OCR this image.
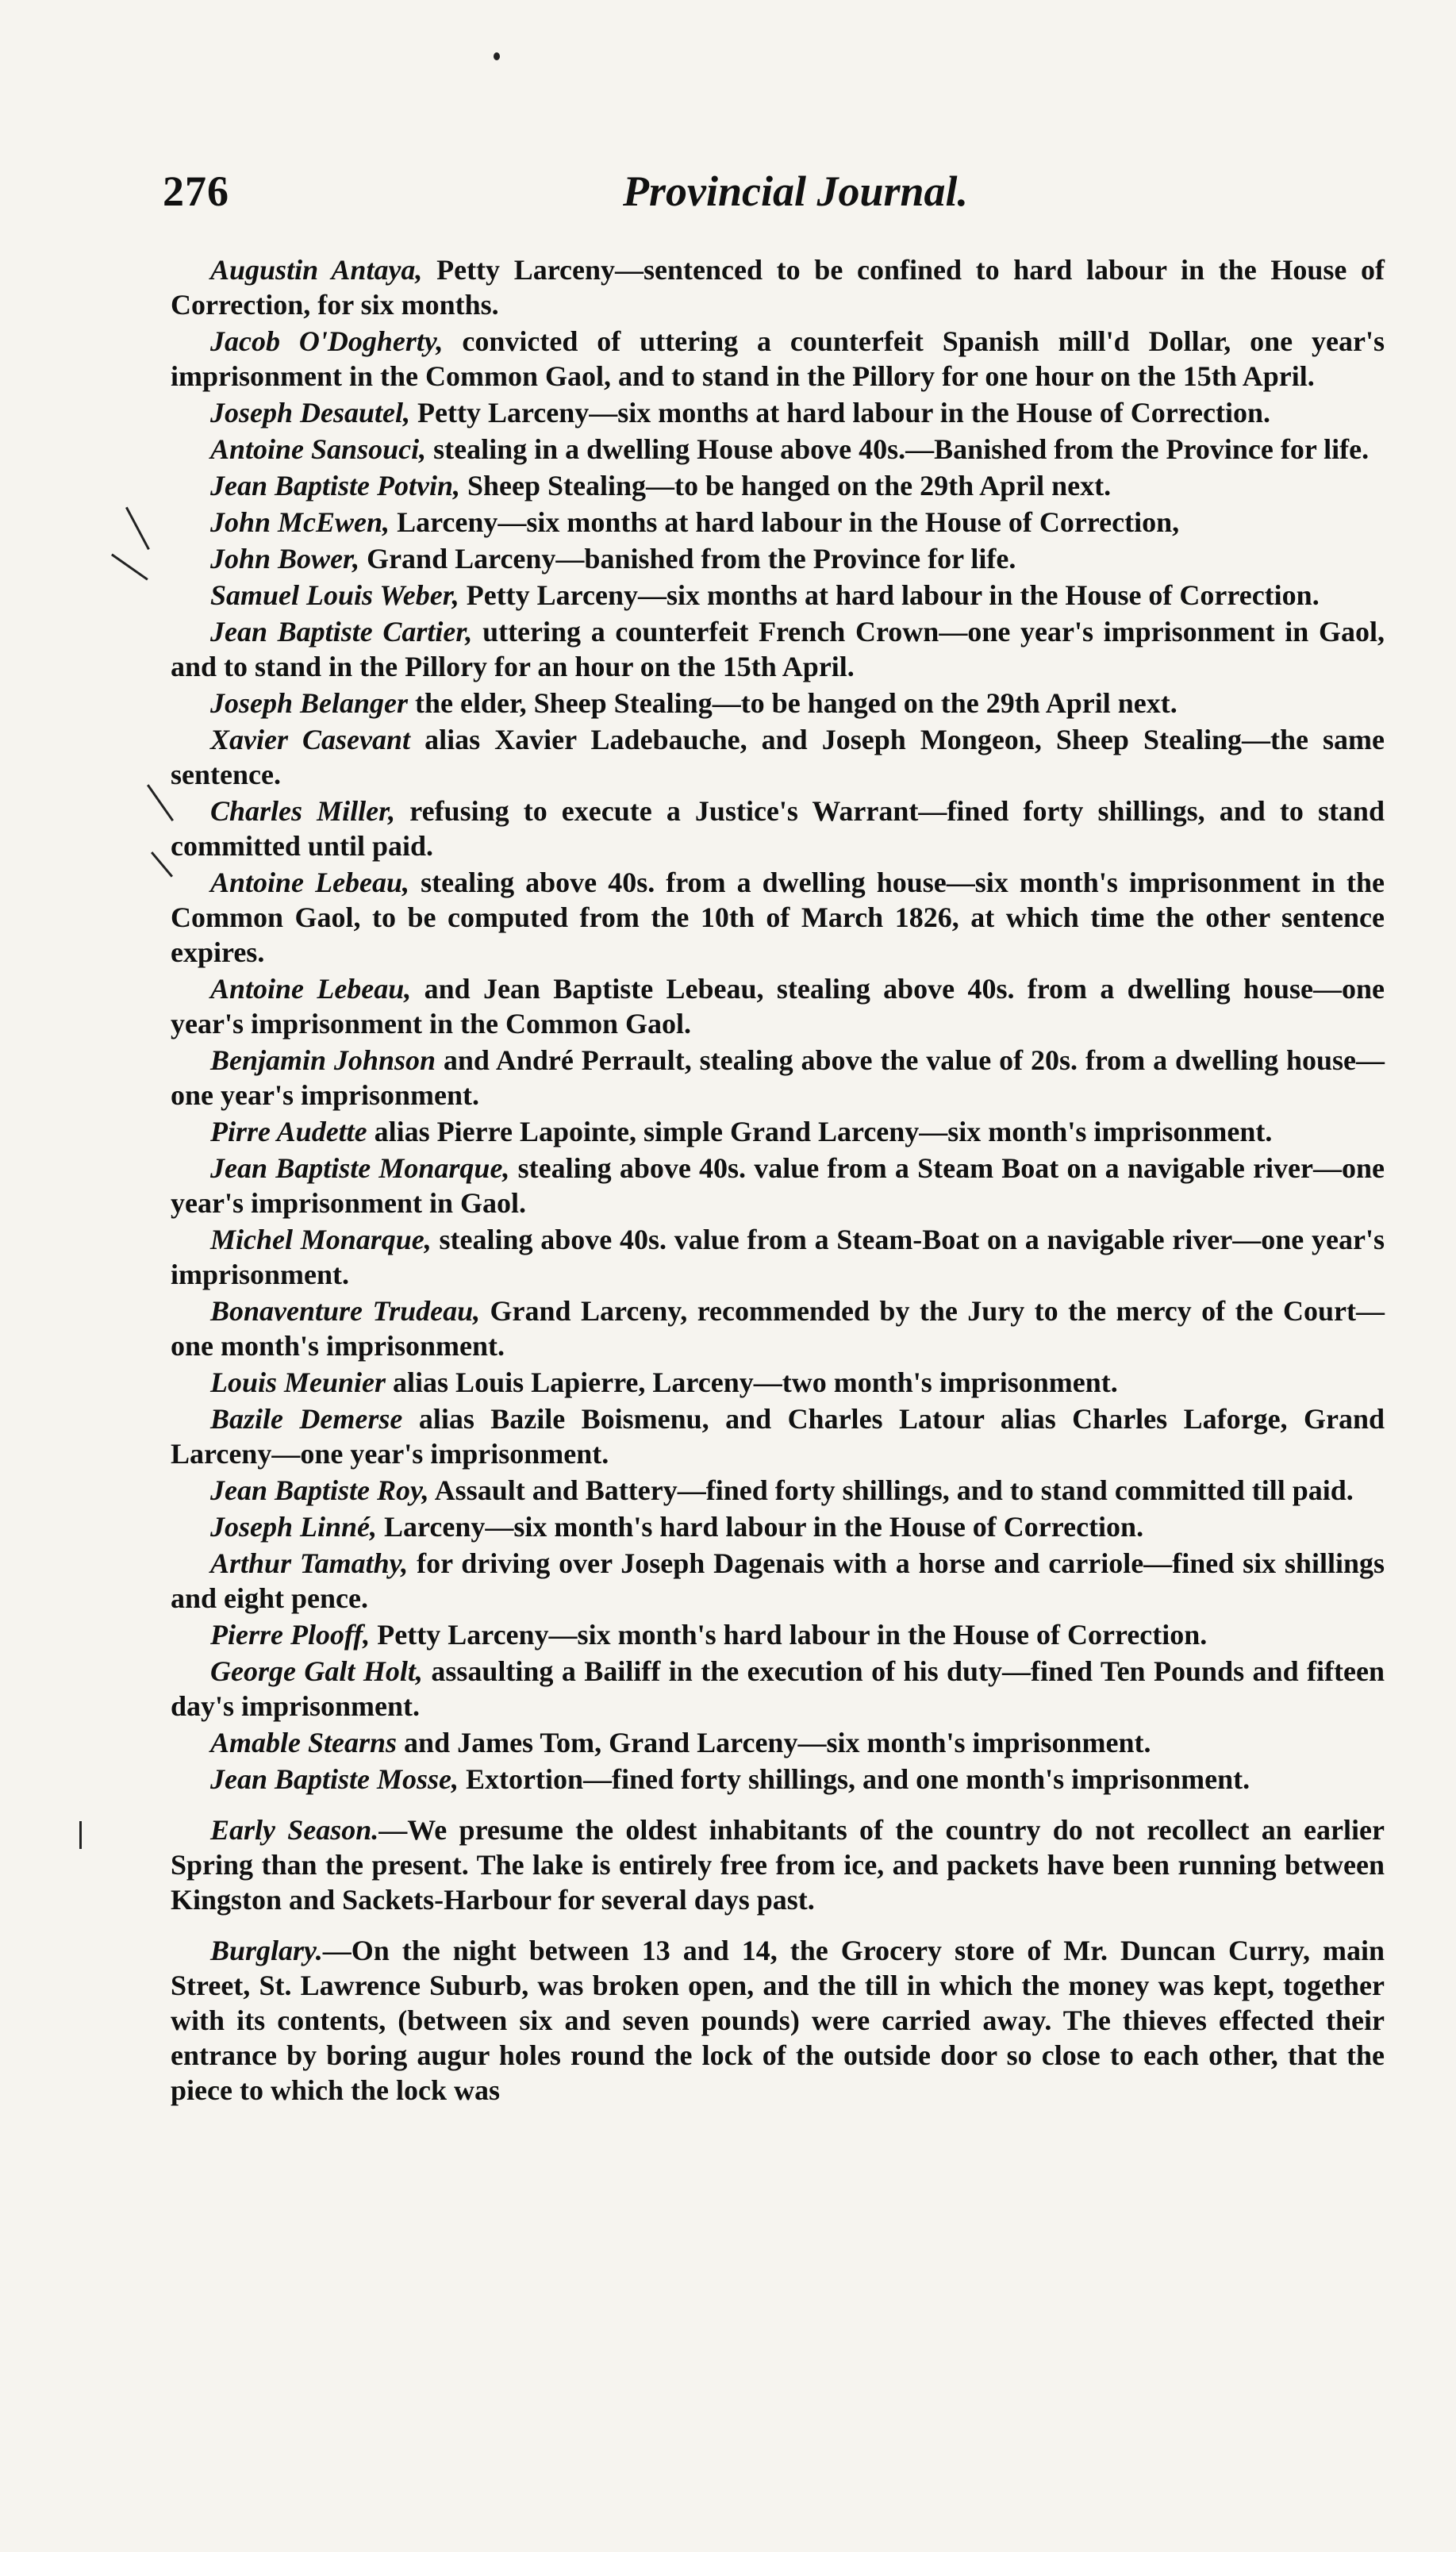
276	Provincial Journal.

Augustin Antaya, Petty Larceny—sentenced to be confined to hard labour in the House of Correction, for six months.

Jacob O'Dogherty, convicted of uttering a counterfeit Spanish mill'd Dollar, one year's imprisonment in the Common Gaol, and to stand in the Pillory for one hour on the 15th April.

Joseph Desautel, Petty Larceny—six months at hard labour in the House of Correction.

Antoine Sansouci, stealing in a dwelling House above 40s.—Banished from the Province for life.

Jean Baptiste Potvin, Sheep Stealing—to be hanged on the 29th April next.

John McEwen, Larceny—six months at hard labour in the House of Correction,

John Bower, Grand Larceny—banished from the Province for life.

Samuel Louis Weber, Petty Larceny—six months at hard labour in the House of Correction.

Jean Baptiste Cartier, uttering a counterfeit French Crown—one year's imprisonment in Gaol, and to stand in the Pillory for an hour on the 15th April.

Joseph Belanger the elder, Sheep Stealing—to be hanged on the 29th April next.

Xavier Casevant alias Xavier Ladebauche, and Joseph Mongeon, Sheep Stealing—the same sentence.

Charles Miller, refusing to execute a Justice's Warrant—fined forty shillings, and to stand committed until paid.

Antoine Lebeau, stealing above 40s. from a dwelling house—six month's imprisonment in the Common Gaol, to be computed from the 10th of March 1826, at which time the other sentence expires.

Antoine Lebeau, and Jean Baptiste Lebeau, stealing above 40s. from a dwelling house—one year's imprisonment in the Common Gaol.

Benjamin Johnson and André Perrault, stealing above the value of 20s. from a dwelling house—one year's imprisonment.

Pirre Audette alias Pierre Lapointe, simple Grand Larceny—six month's imprisonment.

Jean Baptiste Monarque, stealing above 40s. value from a Steam Boat on a navigable river—one year's imprisonment in Gaol.

Michel Monarque, stealing above 40s. value from a Steam-Boat on a navigable river—one year's imprisonment.

Bonaventure Trudeau, Grand Larceny, recommended by the Jury to the mercy of the Court—one month's imprisonment.

Louis Meunier alias Louis Lapierre, Larceny—two month's imprisonment.

Bazile Demerse alias Bazile Boismenu, and Charles Latour alias Charles Laforge, Grand Larceny—one year's imprisonment.

Jean Baptiste Roy, Assault and Battery—fined forty shillings, and to stand committed till paid.

Joseph Linné, Larceny—six month's hard labour in the House of Correction.

Arthur Tamathy, for driving over Joseph Dagenais with a horse and carriole—fined six shillings and eight pence.

Pierre Plooff, Petty Larceny—six month's hard labour in the House of Correction.

George Galt Holt, assaulting a Bailiff in the execution of his duty—fined Ten Pounds and fifteen day's imprisonment.

Amable Stearns and James Tom, Grand Larceny—six month's imprisonment.

Jean Baptiste Mosse, Extortion—fined forty shillings, and one month's imprisonment.

Early Season.—We presume the oldest inhabitants of the country do not recollect an earlier Spring than the present. The lake is entirely free from ice, and packets have been running between Kingston and Sackets-Harbour for several days past.

Burglary.—On the night between 13 and 14, the Grocery store of Mr. Duncan Curry, main Street, St. Lawrence Suburb, was broken open, and the till in which the money was kept, together with its contents, (between six and seven pounds) were carried away. The thieves effected their entrance by boring augur holes round the lock of the outside door so close to each other, that the piece to which the lock was
